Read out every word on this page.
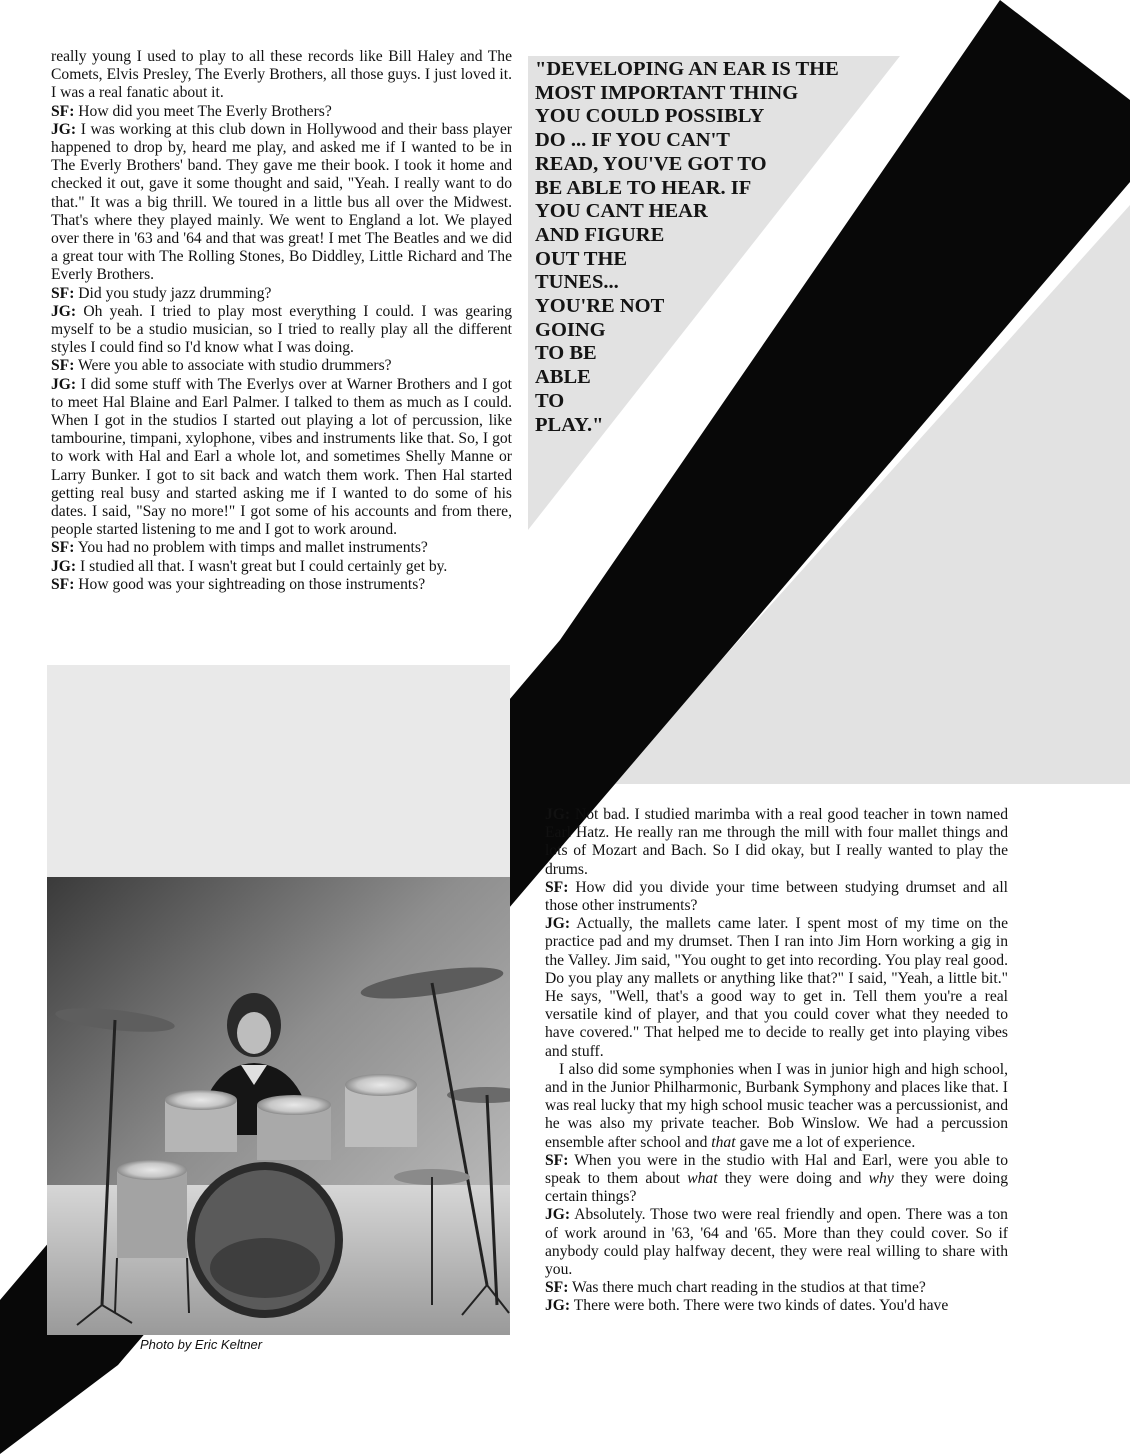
really young I used to play to all these records like Bill Haley and The Comets, Elvis Presley, The Everly Brothers, all those guys. I just loved it. I was a real fanatic about it.

SF: How did you meet The Everly Brothers?

JG: I was working at this club down in Hollywood and their bass player happened to drop by, heard me play, and asked me if I wanted to be in The Everly Brothers' band. They gave me their book. I took it home and checked it out, gave it some thought and said, "Yeah. I really want to do that." It was a big thrill. We toured in a little bus all over the Midwest. That's where they played mainly. We went to England a lot. We played over there in '63 and '64 and that was great! I met The Beatles and we did a great tour with The Rolling Stones, Bo Diddley, Little Richard and The Everly Brothers.

SF: Did you study jazz drumming?

JG: Oh yeah. I tried to play most everything I could. I was gearing myself to be a studio musician, so I tried to really play all the different styles I could find so I'd know what I was doing.

SF: Were you able to associate with studio drummers?

JG: I did some stuff with The Everlys over at Warner Brothers and I got to meet Hal Blaine and Earl Palmer. I talked to them as much as I could. When I got in the studios I started out playing a lot of percussion, like tambourine, timpani, xylophone, vibes and instruments like that. So, I got to work with Hal and Earl a whole lot, and sometimes Shelly Manne or Larry Bunker. I got to sit back and watch them work. Then Hal started getting real busy and started asking me if I wanted to do some of his dates. I said, "Say no more!" I got some of his accounts and from there, people started listening to me and I got to work around.

SF: You had no problem with timps and mallet instruments?

JG: I studied all that. I wasn't great but I could certainly get by.

SF: How good was your sightreading on those instruments?

"DEVELOPING AN EAR IS THE
MOST IMPORTANT THING
YOU COULD POSSIBLY
DO ... IF YOU CAN'T
READ, YOU'VE GOT TO
BE ABLE TO HEAR. IF
YOU CANT HEAR
AND FIGURE
OUT THE
TUNES...
YOU'RE NOT
GOING
TO BE
ABLE
TO
PLAY."
Photo by Eric Keltner

JG: Not bad. I studied marimba with a real good teacher in town named Earl Hatz. He really ran me through the mill with four mallet things and lots of Mozart and Bach. So I did okay, but I really wanted to play the drums.

SF: How did you divide your time between studying drumset and all those other instruments?

JG: Actually, the mallets came later. I spent most of my time on the practice pad and my drumset. Then I ran into Jim Horn working a gig in the Valley. Jim said, "You ought to get into recording. You play real good. Do you play any mallets or anything like that?" I said, "Yeah, a little bit." He says, "Well, that's a good way to get in. Tell them you're a real versatile kind of player, and that you could cover what they needed to have covered." That helped me to decide to really get into playing vibes and stuff.

I also did some symphonies when I was in junior high and high school, and in the Junior Philharmonic, Burbank Symphony and places like that. I was real lucky that my high school music teacher was a percussionist, and he was also my private teacher. Bob Winslow. We had a percussion ensemble after school and that gave me a lot of experience.

SF: When you were in the studio with Hal and Earl, were you able to speak to them about what they were doing and why they were doing certain things?

JG: Absolutely. Those two were real friendly and open. There was a ton of work around in '63, '64 and '65. More than they could cover. So if anybody could play halfway decent, they were real willing to share with you.

SF: Was there much chart reading in the studios at that time?

JG: There were both. There were two kinds of dates. You'd have
